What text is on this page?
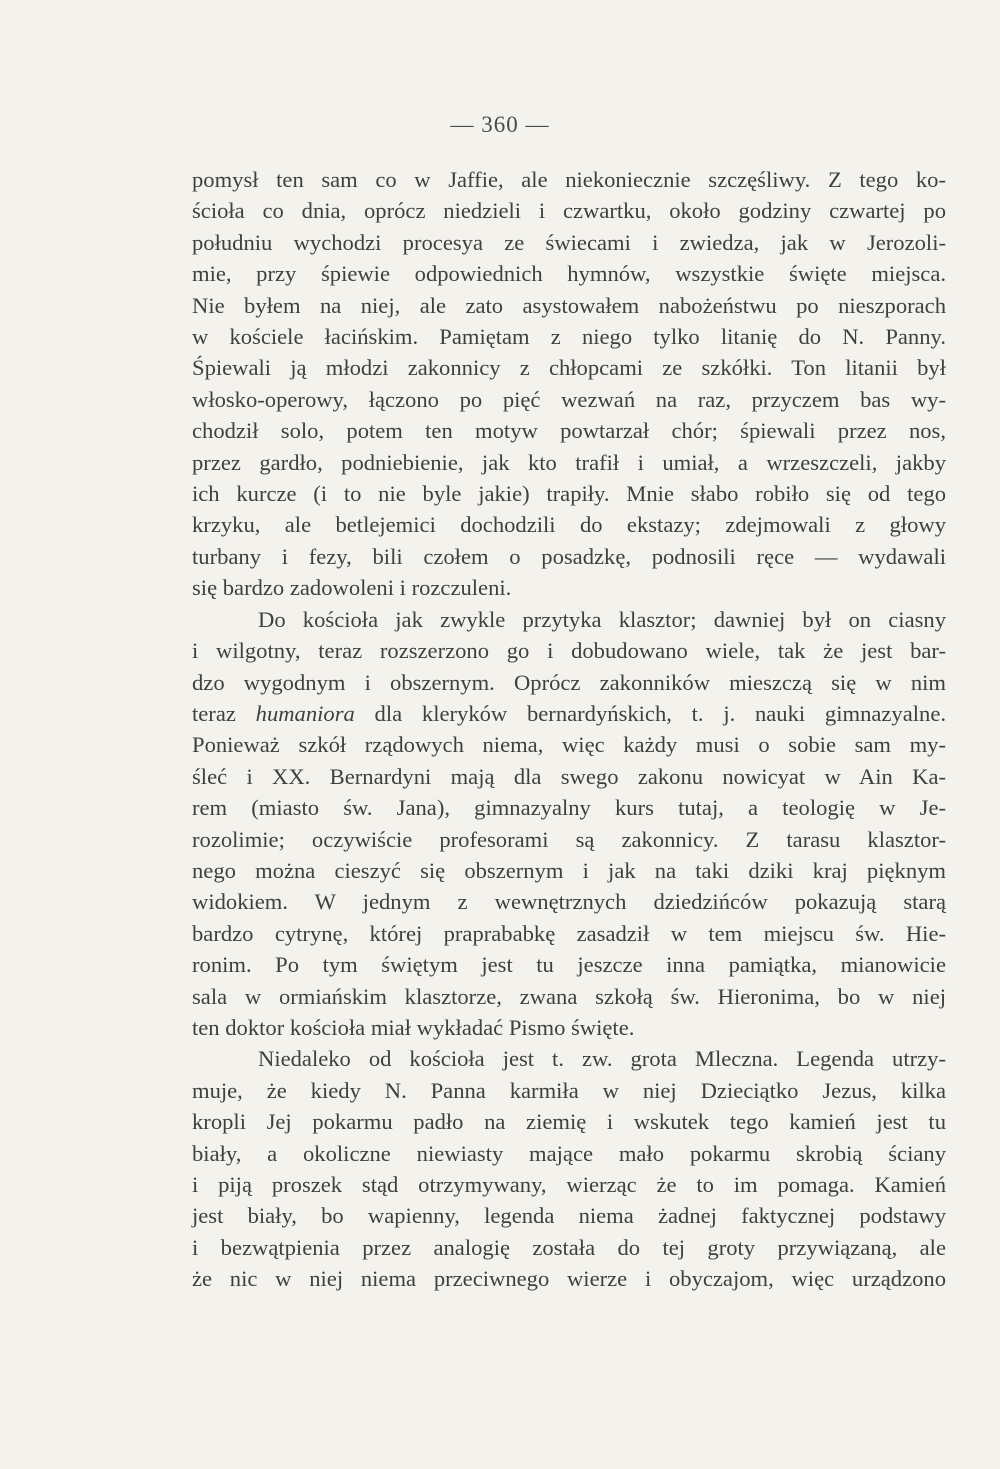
— 360 —
pomysł ten sam co w Jaffie, ale niekoniecznie szczęśliwy. Z tego ko-
ścioła co dnia, oprócz niedzieli i czwartku, około godziny czwartej po
południu wychodzi procesya ze świecami i zwiedza, jak w Jerozoli-
mie, przy śpiewie odpowiednich hymnów, wszystkie święte miejsca.
Nie byłem na niej, ale zato asystowałem nabożeństwu po nieszporach
w kościele łacińskim. Pamiętam z niego tylko litanię do N. Panny.
Śpiewali ją młodzi zakonnicy z chłopcami ze szkółki. Ton litanii był
włosko-operowy, łączono po pięć wezwań na raz, przyczem bas wy-
chodził solo, potem ten motyw powtarzał chór; śpiewali przez nos,
przez gardło, podniebienie, jak kto trafił i umiał, a wrzeszczeli, jakby
ich kurcze (i to nie byle jakie) trapiły. Mnie słabo robiło się od tego
krzyku, ale betlejemici dochodzili do ekstazy; zdejmowali z głowy
turbany i fezy, bili czołem o posadzkę, podnosili ręce — wydawali
się bardzo zadowoleni i rozczuleni.
Do kościoła jak zwykle przytyka klasztor; dawniej był on ciasny
i wilgotny, teraz rozszerzono go i dobudowano wiele, tak że jest bar-
dzo wygodnym i obszernym. Oprócz zakonników mieszczą się w nim
teraz humaniora dla kleryków bernardyńskich, t. j. nauki gimnazyalne.
Ponieważ szkół rządowych niema, więc każdy musi o sobie sam my-
śleć i XX. Bernardyni mają dla swego zakonu nowicyat w Ain Ka-
rem (miasto św. Jana), gimnazyalny kurs tutaj, a teologię w Je-
rozolimie; oczywiście profesorami są zakonnicy. Z tarasu klasztor-
nego można cieszyć się obszernym i jak na taki dziki kraj pięknym
widokiem. W jednym z wewnętrznych dziedzińców pokazują starą
bardzo cytrynę, której praprababkę zasadził w tem miejscu św. Hie-
ronim. Po tym świętym jest tu jeszcze inna pamiątka, mianowicie
sala w ormiańskim klasztorze, zwana szkołą św. Hieronima, bo w niej
ten doktor kościoła miał wykładać Pismo święte.
Niedaleko od kościoła jest t. zw. grota Mleczna. Legenda utrzy-
muje, że kiedy N. Panna karmiła w niej Dzieciątko Jezus, kilka
kropli Jej pokarmu padło na ziemię i wskutek tego kamień jest tu
biały, a okoliczne niewiasty mające mało pokarmu skrobią ściany
i piją proszek stąd otrzymywany, wierząc że to im pomaga. Kamień
jest biały, bo wapienny, legenda niema żadnej faktycznej podstawy
i bezwątpienia przez analogię została do tej groty przywiązaną, ale
że nic w niej niema przeciwnego wierze i obyczajom, więc urządzono
